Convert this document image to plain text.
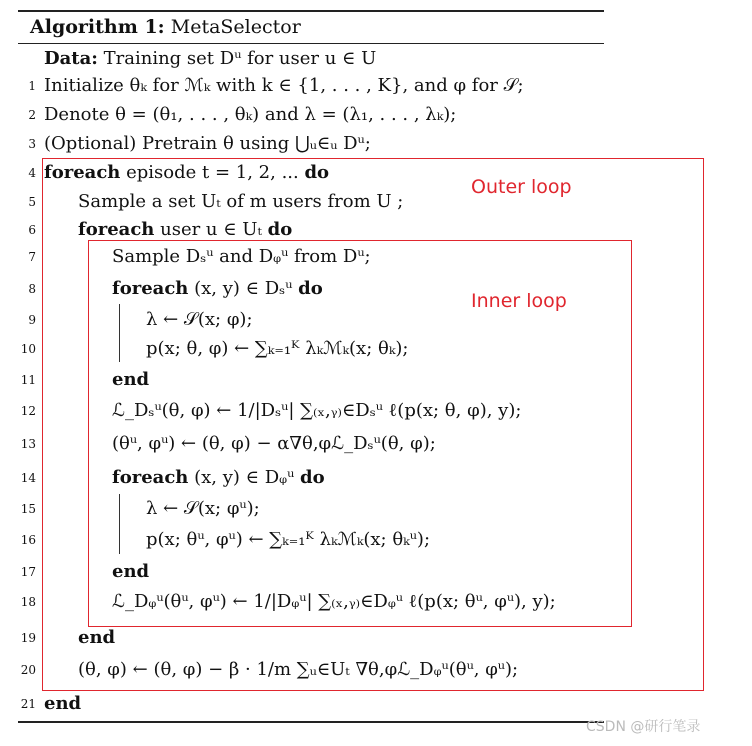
Algorithm 1: MetaSelector
Data: Training set Dᵘ for user u ∈ U
1 Initialize θₖ for ℳₖ with k ∈ {1, . . . , K}, and φ for 𝒮;
2 Denote θ = (θ₁, . . . , θₖ) and λ = (λ₁, . . . , λₖ);
3 (Optional) Pretrain θ using ⋃ᵤ∈ᵤ Dᵘ;
4 foreach episode t = 1, 2, ... do
5 Sample a set Uₜ of m users from U ;
6 foreach user u ∈ Uₜ do
7	Sample Dₛᵘ and Dᵩᵘ from Dᵘ;
8	foreach (x, y) ∈ Dₛᵘ do
9	λ ← 𝒮(x; φ);
10	p(x; θ, φ) ← ∑ₖ₌₁ᴷ λₖℳₖ(x; θₖ);
11	end
12	ℒ_Dₛᵘ(θ, φ) ← 1/|Dₛᵘ| ∑₍ₓ,ᵧ₎∈Dₛᵘ ℓ(p(x; θ, φ), y);
13	(θᵘ, φᵘ) ← (θ, φ) − α∇θ,φℒ_Dₛᵘ(θ, φ);
14	foreach (x, y) ∈ Dᵩᵘ do
15	λ ← 𝒮(x; φᵘ);
16	p(x; θᵘ, φᵘ) ← ∑ₖ₌₁ᴷ λₖℳₖ(x; θₖᵘ);
17	end
18	ℒ_Dᵩᵘ(θᵘ, φᵘ) ← 1/|Dᵩᵘ| ∑₍ₓ,ᵧ₎∈Dᵩᵘ ℓ(p(x; θᵘ, φᵘ), y);
19 end
20 (θ, φ) ← (θ, φ) − β · 1/m ∑ᵤ∈Uₜ ∇θ,φℒ_Dᵩᵘ(θᵘ, φᵘ);
21 end
Outer loop
Inner loop
CSDN @研行笔录
